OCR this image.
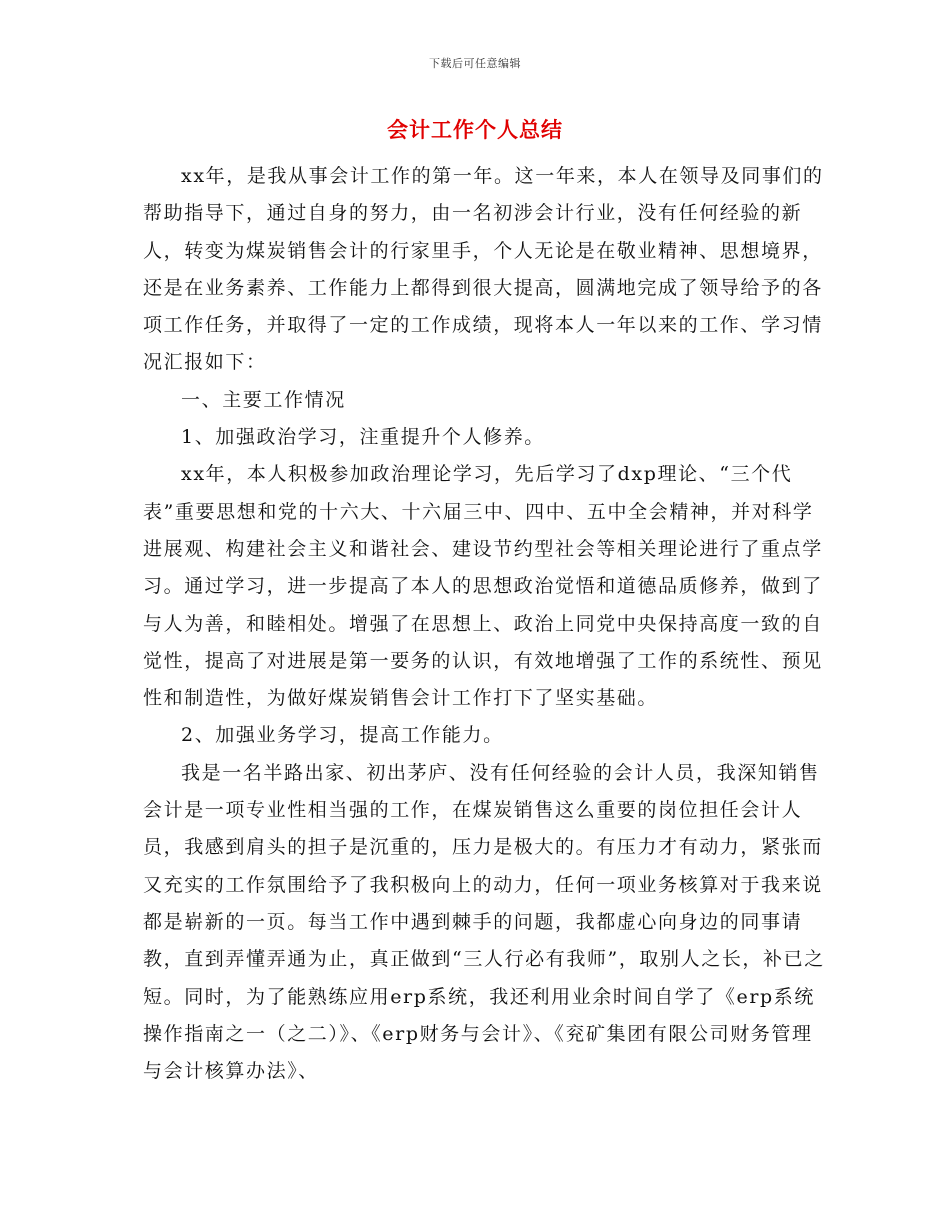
下载后可任意编辑
会计工作个人总结

xx年，是我从事会计工作的第一年。这一年来，本人在领导及同事们的帮助指导下，通过自身的努力，由一名初涉会计行业，没有任何经验的新人，转变为煤炭销售会计的行家里手，个人无论是在敬业精神、思想境界，还是在业务素养、工作能力上都得到很大提高，圆满地完成了领导给予的各项工作任务，并取得了一定的工作成绩，现将本人一年以来的工作、学习情况汇报如下：

一、主要工作情况

1、加强政治学习，注重提升个人修养。

xx年，本人积极参加政治理论学习，先后学习了dxp理论、“三个代表”重要思想和党的十六大、十六届三中、四中、五中全会精神，并对科学进展观、构建社会主义和谐社会、建设节约型社会等相关理论进行了重点学习。通过学习，进一步提高了本人的思想政治觉悟和道德品质修养，做到了与人为善，和睦相处。增强了在思想上、政治上同党中央保持高度一致的自觉性，提高了对进展是第一要务的认识，有效地增强了工作的系统性、预见性和制造性，为做好煤炭销售会计工作打下了坚实基础。

2、加强业务学习，提高工作能力。

我是一名半路出家、初出茅庐、没有任何经验的会计人员，我深知销售会计是一项专业性相当强的工作，在煤炭销售这么重要的岗位担任会计人员，我感到肩头的担子是沉重的，压力是极大的。有压力才有动力，紧张而又充实的工作氛围给予了我积极向上的动力，任何一项业务核算对于我来说都是崭新的一页。每当工作中遇到棘手的问题，我都虚心向身边的同事请教，直到弄懂弄通为止，真正做到“三人行必有我师”，取别人之长，补已之短。同时，为了能熟练应用erp系统，我还利用业余时间自学了《erp系统操作指南之一（之二）》、《erp财务与会计》、《兖矿集团有限公司财务管理与会计核算办法》、
